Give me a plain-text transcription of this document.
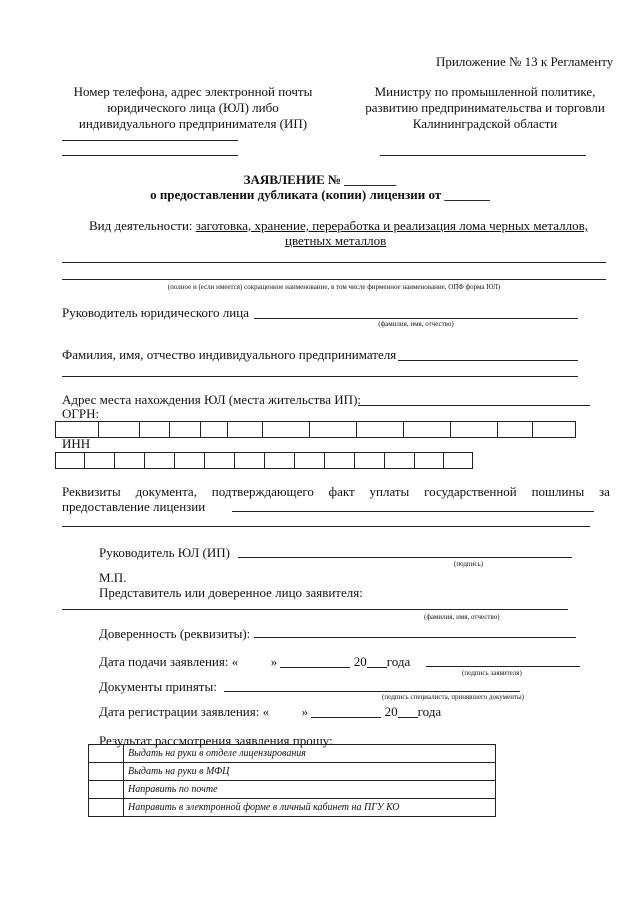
Приложение № 13 к Регламенту
Номер телефона, адрес электронной почты
юридического лица (ЮЛ) либо
индивидуального предпринимателя (ИП)
Министру по промышленной политике,
развитию предпринимательства и торговли
Калининградской области
ЗАЯВЛЕНИЕ № ________
о предоставлении дубликата (копии) лицензии от _______
Вид деятельности: заготовка, хранение, переработка и реализация лома черных металлов,
цветных металлов
(полное и (если имеется) сокращенное наименование, в том числе фирменное наименование, ОПФ форма ЮЛ)
Руководитель юридического лица
(фамилия, имя, отчество)
Фамилия, имя, отчество индивидуального предпринимателя
Адрес места нахождения ЮЛ (места жительства ИП):
ОГРН:

ИНН

Реквизиты документа, подтверждающего факт уплаты государственной пошлины за
предоставление лицензии
Руководитель ЮЛ (ИП)
(подпись)
М.П.
Представитель или доверенное лицо заявителя:
(фамилия, имя, отчество)
Доверенность (реквизиты):
Дата подачи заявления: «	»	20 года
(подпись заявителя)
Документы приняты:
(подпись специалиста, принявшего документы)
Дата регистрации заявления: «	»	20 года
Результат рассмотрения заявления прошу:
	Выдать на руки в отделе лицензирования
	Выдать на руки в МФЦ
	Направить по почте
	Направить в электронной форме в личный кабинет на ПГУ КО
